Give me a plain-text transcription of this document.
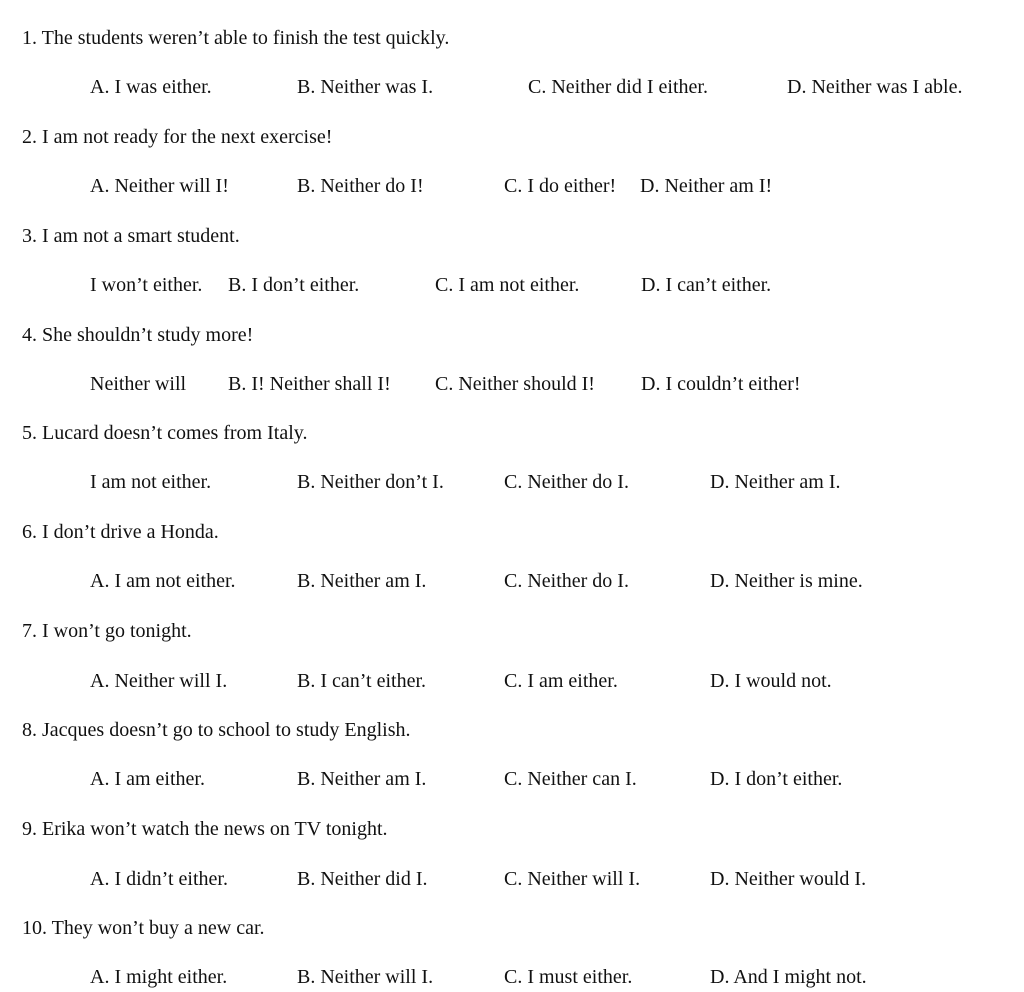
1. The students weren’t able to finish the test quickly.
A. I was either.	B. Neither was I.	C. Neither did I either.	D. Neither was I able.
2. I am not ready for the next exercise!
A. Neither will I!	B. Neither do I!	C. I do either! D. Neither am I!
3. I am not a smart student.
I won’t either. B. I don’t either.	C. I am not either.	D. I can’t either.
4. She shouldn’t study more!
Neither will B. I! Neither shall I! C. Neither should I! D. I couldn’t either!
5. Lucard doesn’t comes from Italy.
I am not either.	B. Neither don’t I.	C. Neither do I.	D. Neither am I.
6. I don’t drive a Honda.
A. I am not either.	B. Neither am I.	C. Neither do I.	D. Neither is mine.
7. I won’t go tonight.
A. Neither will I.	B. I can’t either.	C. I am either.	D. I would not.
8. Jacques doesn’t go to school to study English.
A. I am either.	B. Neither am I.	C. Neither can I.	D. I don’t either.
9. Erika won’t watch the news on TV tonight.
A. I didn’t either.	B. Neither did I.	C. Neither will I.	D. Neither would I.
10. They won’t buy a new car.
A. I might either.	B. Neither will I.	C. I must either.	D. And I might not.
